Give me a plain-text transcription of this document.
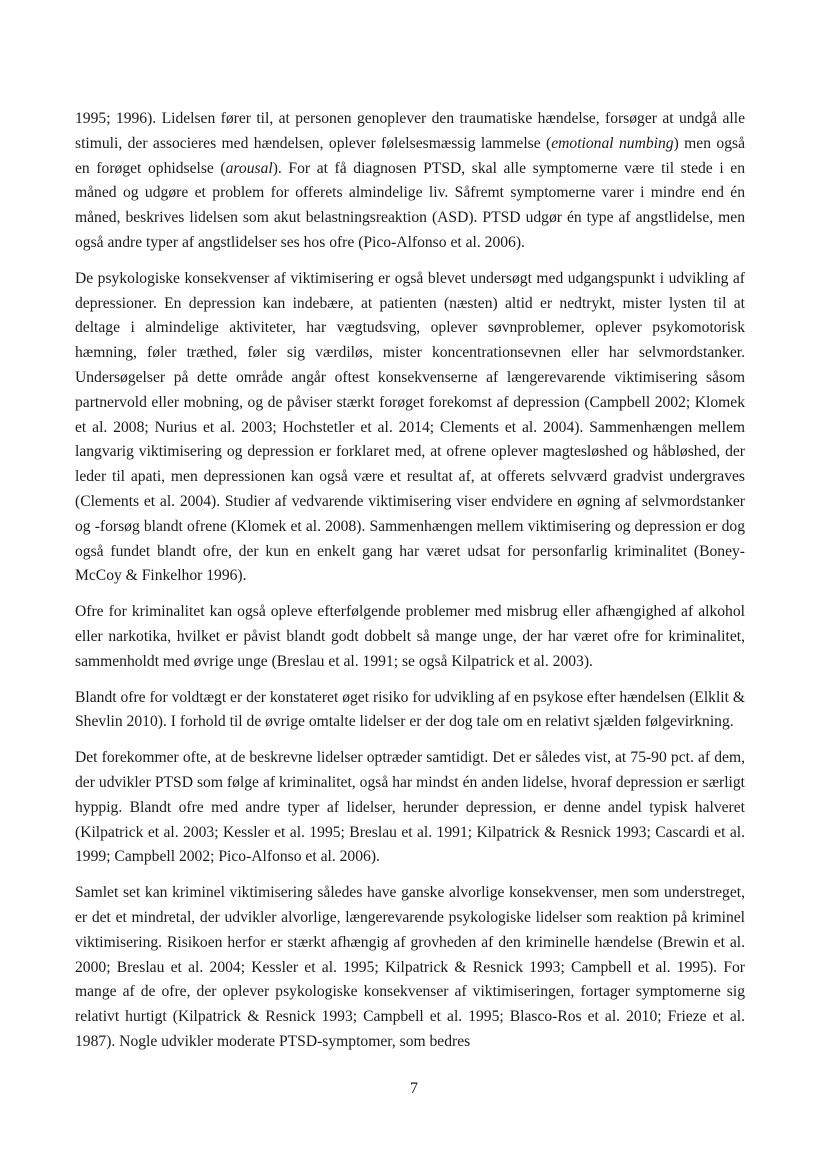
1995; 1996). Lidelsen fører til, at personen genoplever den traumatiske hændelse, forsøger at undgå alle stimuli, der associeres med hændelsen, oplever følelsesmæssig lammelse (emotional numbing) men også en forøget ophidselse (arousal). For at få diagnosen PTSD, skal alle symptomerne være til stede i en måned og udgøre et problem for offerets almindelige liv. Såfremt symptomerne varer i mindre end én måned, beskrives lidelsen som akut belastningsreaktion (ASD). PTSD udgør én type af angstlidelse, men også andre typer af angstlidelser ses hos ofre (Pico-Alfonso et al. 2006).

De psykologiske konsekvenser af viktimisering er også blevet undersøgt med udgangspunkt i udvikling af depressioner. En depression kan indebære, at patienten (næsten) altid er nedtrykt, mister lysten til at deltage i almindelige aktiviteter, har vægtudsving, oplever søvnproblemer, oplever psykomotorisk hæmning, føler træthed, føler sig værdiløs, mister koncentrationsevnen eller har selvmordstanker. Undersøgelser på dette område angår oftest konsekvenserne af længerevarende viktimisering såsom partnervold eller mobning, og de påviser stærkt forøget forekomst af depression (Campbell 2002; Klomek et al. 2008; Nurius et al. 2003; Hochstetler et al. 2014; Clements et al. 2004). Sammenhængen mellem langvarig viktimisering og depression er forklaret med, at ofrene oplever magtesløshed og håbløshed, der leder til apati, men depressionen kan også være et resultat af, at offerets selvværd gradvist undergraves (Clements et al. 2004). Studier af vedvarende viktimisering viser endvidere en øgning af selvmordstanker og -forsøg blandt ofrene (Klomek et al. 2008). Sammenhængen mellem viktimisering og depression er dog også fundet blandt ofre, der kun en enkelt gang har været udsat for personfarlig kriminalitet (Boney-McCoy & Finkelhor 1996).

Ofre for kriminalitet kan også opleve efterfølgende problemer med misbrug eller afhængighed af alkohol eller narkotika, hvilket er påvist blandt godt dobbelt så mange unge, der har været ofre for kriminalitet, sammenholdt med øvrige unge (Breslau et al. 1991; se også Kilpatrick et al. 2003).

Blandt ofre for voldtægt er der konstateret øget risiko for udvikling af en psykose efter hændelsen (Elklit & Shevlin 2010). I forhold til de øvrige omtalte lidelser er der dog tale om en relativt sjælden følgevirkning.

Det forekommer ofte, at de beskrevne lidelser optræder samtidigt. Det er således vist, at 75-90 pct. af dem, der udvikler PTSD som følge af kriminalitet, også har mindst én anden lidelse, hvoraf depression er særligt hyppig. Blandt ofre med andre typer af lidelser, herunder depression, er denne andel typisk halveret (Kilpatrick et al. 2003; Kessler et al. 1995; Breslau et al. 1991; Kilpatrick & Resnick 1993; Cascardi et al. 1999; Campbell 2002; Pico-Alfonso et al. 2006).

Samlet set kan kriminel viktimisering således have ganske alvorlige konsekvenser, men som understreget, er det et mindretal, der udvikler alvorlige, længerevarende psykologiske lidelser som reaktion på kriminel viktimisering. Risikoen herfor er stærkt afhængig af grovheden af den kriminelle hændelse (Brewin et al. 2000; Breslau et al. 2004; Kessler et al. 1995; Kilpatrick & Resnick 1993; Campbell et al. 1995). For mange af de ofre, der oplever psykologiske konsekvenser af viktimiseringen, fortager symptomerne sig relativt hurtigt (Kilpatrick & Resnick 1993; Campbell et al. 1995; Blasco-Ros et al. 2010; Frieze et al. 1987). Nogle udvikler moderate PTSD-symptomer, som bedres

7
